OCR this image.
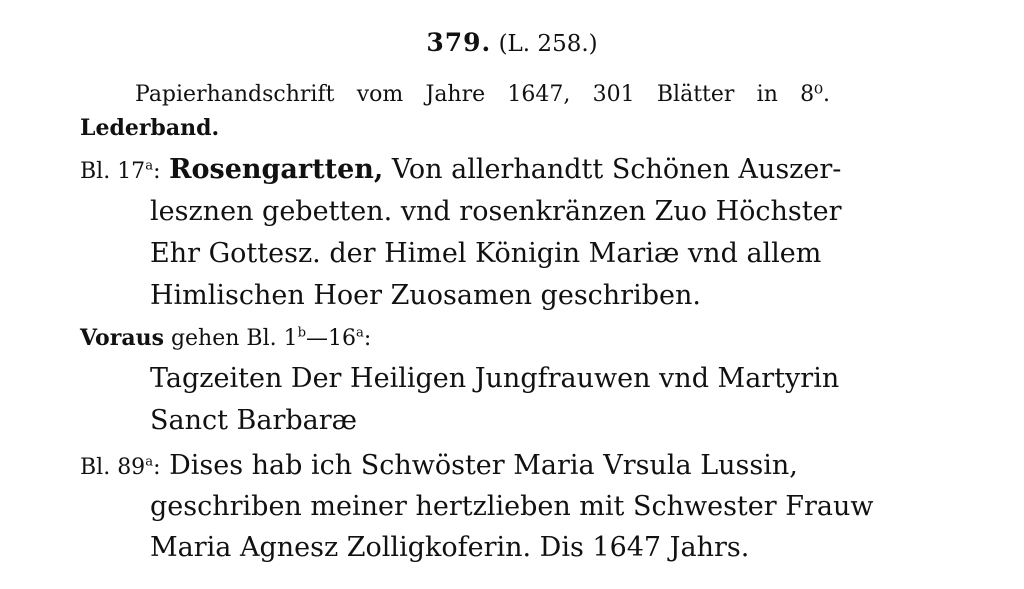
379. (L. 258.)
Papierhandschrift vom Jahre 1647, 301 Blätter in 8⁰.
Lederband.
Bl. 17$^a$: Rosengartten, Von allerhandtt Schönen Auszer-
lesznen gebetten. vnd rosenkränzen Zuo Höchster
Ehr Gottesz. der Himel Königin Mariæ vnd allem
Himlischen Hoer Zuosamen geschriben.
Voraus gehen Bl. 1$^b$—16$^a$:
Tagzeiten Der Heiligen Jungfrauwen vnd Martyrin
Sanct Barbaræ
Bl. 89$^a$: Dises hab ich Schwöster Maria Vrsula Lussin,
geschriben meiner hertzlieben mit Schwester Frauw
Maria Agnesz Zolligkoferin. Dis 1647 Jahrs.
